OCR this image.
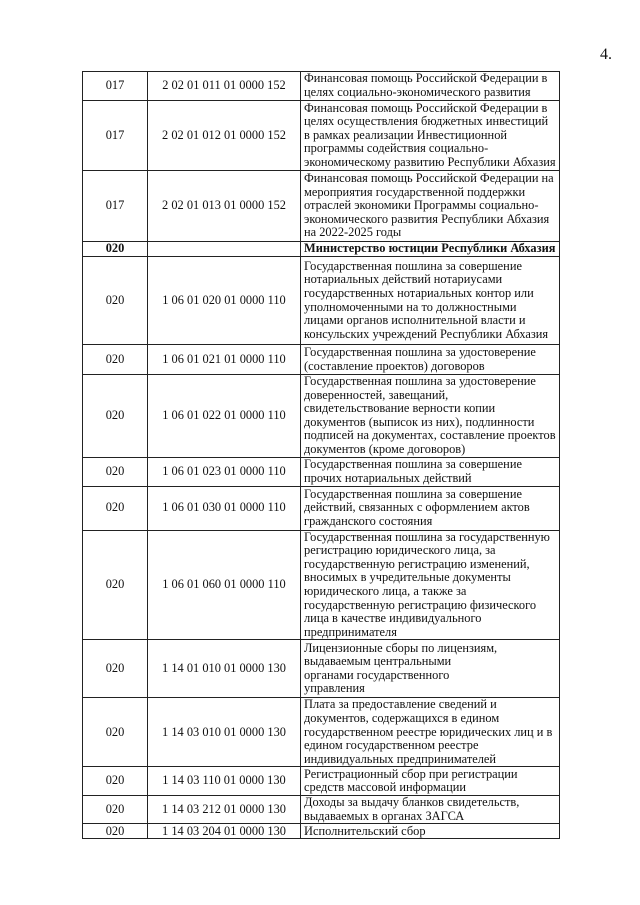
4.
017	2 02 01 011 01 0000 152	Финансовая помощь Российской Федерации в целях социально-экономического развития
017	2 02 01 012 01 0000 152	Финансовая помощь Российской Федерации в целях осуществления бюджетных инвестиций в рамках реализации Инвестиционной программы содействия социально-экономическому развитию Республики Абхазия
017	2 02 01 013 01 0000 152	Финансовая помощь Российской Федерации на мероприятия государственной поддержки отраслей экономики Программы социально-экономического развития Республики Абхазия на 2022-2025 годы
020		Министерство юстиции Республики Абхазия
020	1 06 01 020 01 0000 110	Государственная пошлина за совершение нотариальных действий нотариусами государственных нотариальных контор или уполномоченными на то должностными лицами органов исполнительной власти и консульских учреждений Республики Абхазия
020	1 06 01 021 01 0000 110	Государственная пошлина за удостоверение (составление проектов) договоров
020	1 06 01 022 01 0000 110	Государственная пошлина за удостоверение доверенностей, завещаний, свидетельствование верности копии документов (выписок из них), подлинности подписей на документах, составление проектов документов (кроме договоров)
020	1 06 01 023 01 0000 110	Государственная пошлина за совершение прочих нотариальных действий
020	1 06 01 030 01 0000 110	Государственная пошлина за совершение действий, связанных с оформлением актов гражданского состояния
020	1 06 01 060 01 0000 110	Государственная пошлина за государственную регистрацию юридического лица, за государственную регистрацию изменений, вносимых в учредительные документы юридического лица, а также за государственную регистрацию физического лица в качестве индивидуального предпринимателя
020	1 14 01 010 01 0000 130	Лицензионные сборы по лицензиям,
выдаваемым центральными
органами государственного
управления
020	1 14 03 010 01 0000 130	Плата за предоставление сведений и документов, содержащихся в едином государственном реестре юридических лиц и в едином государственном реестре индивидуальных предпринимателей
020	1 14 03 110 01 0000 130	Регистрационный сбор при регистрации средств массовой информации
020	1 14 03 212 01 0000 130	Доходы за выдачу бланков свидетельств, выдаваемых в органах ЗАГСА
020	1 14 03 204 01 0000 130	Исполнительский сбор
